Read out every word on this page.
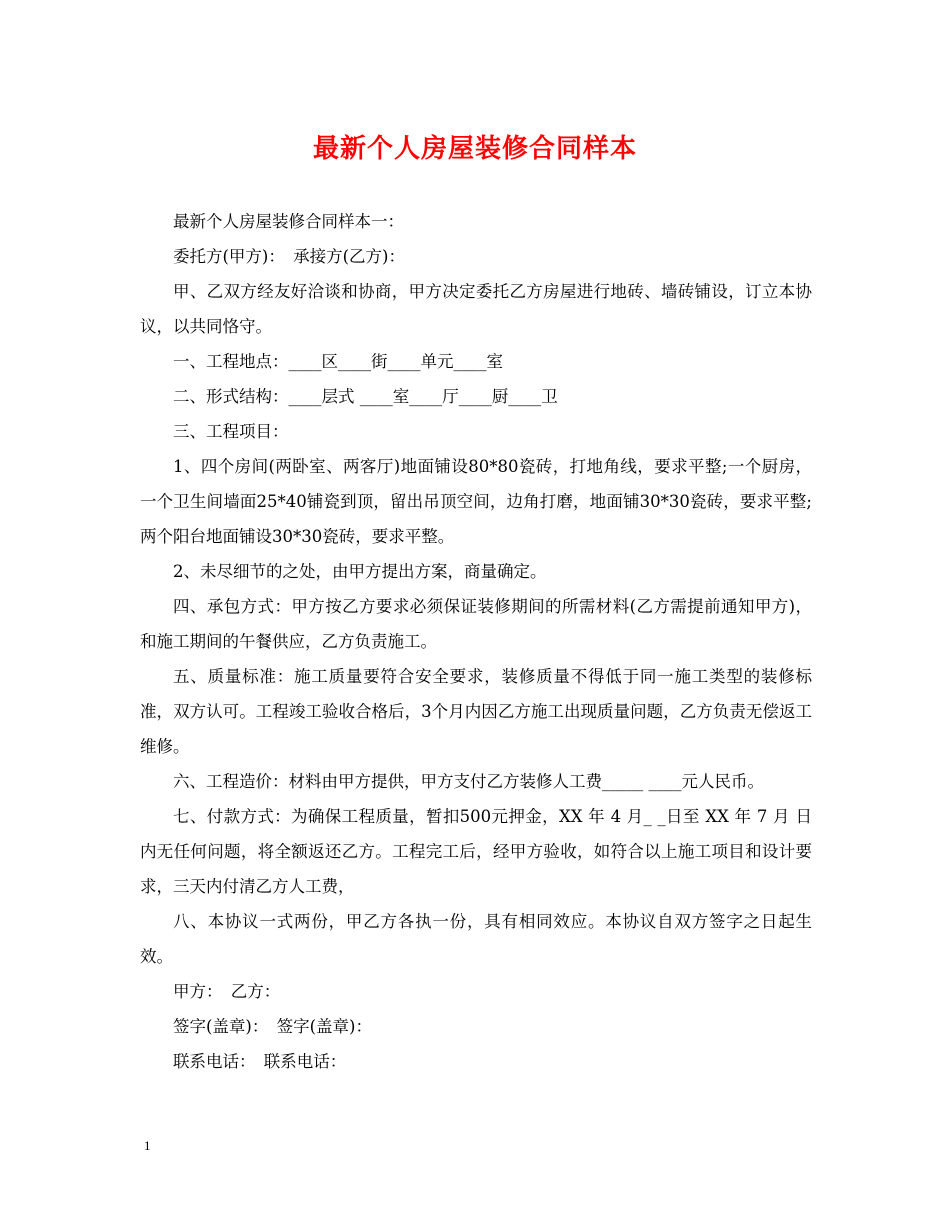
最新个人房屋装修合同样本

最新个人房屋装修合同样本一：

委托方(甲方)：　承接方(乙方)：

甲、乙双方经友好洽谈和协商，甲方决定委托乙方房屋进行地砖、墙砖铺设，订立本协议，以共同恪守。

一、工程地点：____区____街____单元____室

二、形式结构：____层式 ____室____厅____厨____卫

三、工程项目：

1、四个房间(两卧室、两客厅)地面铺设80*80瓷砖，打地角线，要求平整;一个厨房，一个卫生间墙面25*40铺瓷到顶，留出吊顶空间，边角打磨，地面铺30*30瓷砖，要求平整;两个阳台地面铺设30*30瓷砖，要求平整。

2、未尽细节的之处，由甲方提出方案，商量确定。

四、承包方式：甲方按乙方要求必须保证装修期间的所需材料(乙方需提前通知甲方)，和施工期间的午餐供应，乙方负责施工。

五、质量标准：施工质量要符合安全要求，装修质量不得低于同一施工类型的装修标准，双方认可。工程竣工验收合格后，3个月内因乙方施工出现质量问题，乙方负责无偿返工维修。

六、工程造价：材料由甲方提供，甲方支付乙方装修人工费_____ ____元人民币。

七、付款方式：为确保工程质量，暂扣500元押金，XX 年 4 月_ _日至 XX 年 7 月 日内无任何问题，将全额返还乙方。工程完工后，经甲方验收，如符合以上施工项目和设计要求，三天内付清乙方人工费，

八、本协议一式两份，甲乙方各执一份，具有相同效应。本协议自双方签字之日起生效。

甲方：　乙方：

签字(盖章)：　签字(盖章)：

联系电话：　联系电话：

1
